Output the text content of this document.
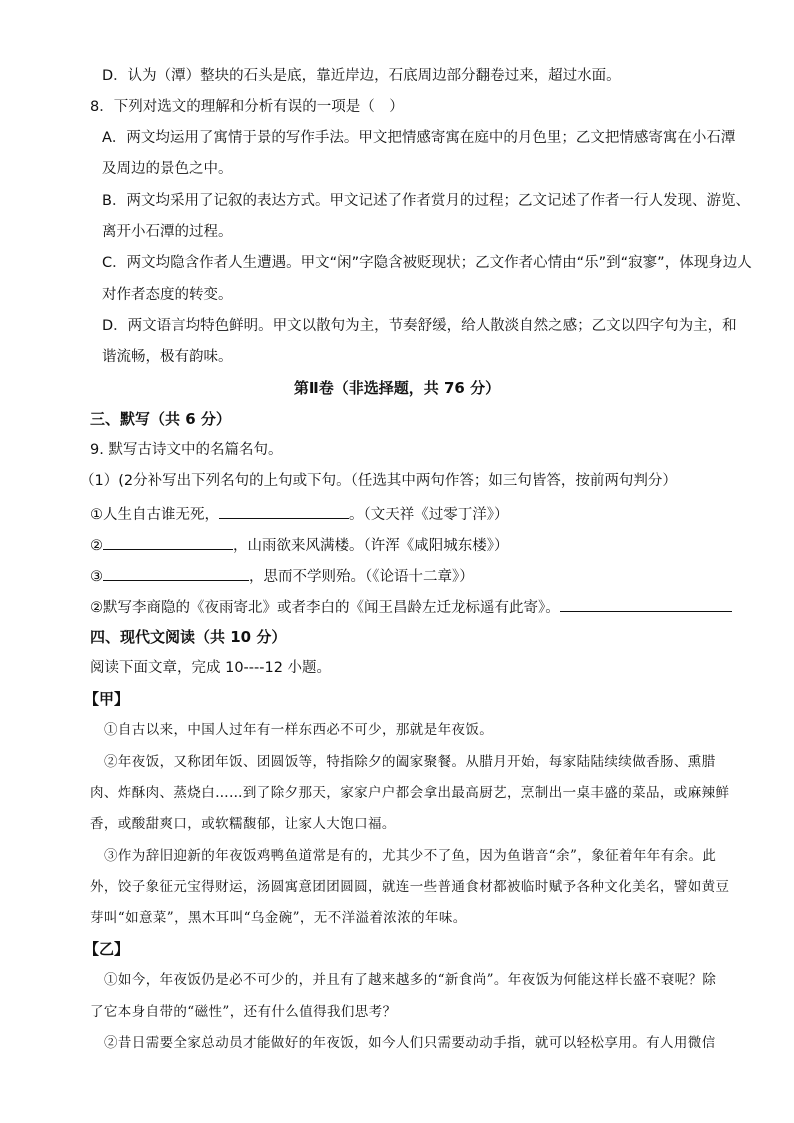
D．认为（潭）整块的石头是底，靠近岸边，石底周边部分翻卷过来，超过水面。
8．下列对选文的理解和分析有误的一项是（　）
A．两文均运用了寓情于景的写作手法。甲文把情感寄寓在庭中的月色里；乙文把情感寄寓在小石潭
及周边的景色之中。
B．两文均采用了记叙的表达方式。甲文记述了作者赏月的过程；乙文记述了作者一行人发现、游览、
离开小石潭的过程。
C．两文均隐含作者人生遭遇。甲文“闲”字隐含被贬现状；乙文作者心情由“乐”到“寂寥”，体现身边人
对作者态度的转变。
D．两文语言均特色鲜明。甲文以散句为主，节奏舒缓，给人散淡自然之感；乙文以四字句为主，和
谐流畅，极有韵味。
第Ⅱ卷（非选择题，共 76 分）
三、默写（共 6 分）
9. 默写古诗文中的名篇名句。
（1）(2分补写出下列名句的上句或下句。（任选其中两句作答；如三句皆答，按前两句判分）
①人生自古谁无死，	。（文天祥《过零丁洋》）
②	，山雨欲来风满楼。（许浑《咸阳城东楼》）
③	，思而不学则殆。（《论语十二章》）
②默写李商隐的《夜雨寄北》或者李白的《闻王昌龄左迁龙标遥有此寄》。
四、现代文阅读（共 10 分）
阅读下面文章，完成 10----12 小题。
【甲】
①自古以来，中国人过年有一样东西必不可少，那就是年夜饭。
②年夜饭，又称团年饭、团圆饭等，特指除夕的阖家聚餐。从腊月开始，每家陆陆续续做香肠、熏腊
肉、炸酥肉、蒸烧白……到了除夕那天，家家户户都会拿出最高厨艺，烹制出一桌丰盛的菜品，或麻辣鲜
香，或酸甜爽口，或软糯馥郁，让家人大饱口福。
③作为辞旧迎新的年夜饭鸡鸭鱼道常是有的，尤其少不了鱼，因为鱼谐音“余”，象征着年年有余。此
外，饺子象征元宝得财运，汤圆寓意团团圆圆，就连一些普通食材都被临时赋予各种文化美名，譬如黄豆
芽叫“如意菜”，黑木耳叫“乌金碗”，无不洋溢着浓浓的年味。
【乙】
①如今，年夜饭仍是必不可少的，并且有了越来越多的“新食尚”。年夜饭为何能这样长盛不衰呢？除
了它本身自带的“磁性”，还有什么值得我们思考？
②昔日需要全家总动员才能做好的年夜饭，如今人们只需要动动手指，就可以轻松享用。有人用微信
